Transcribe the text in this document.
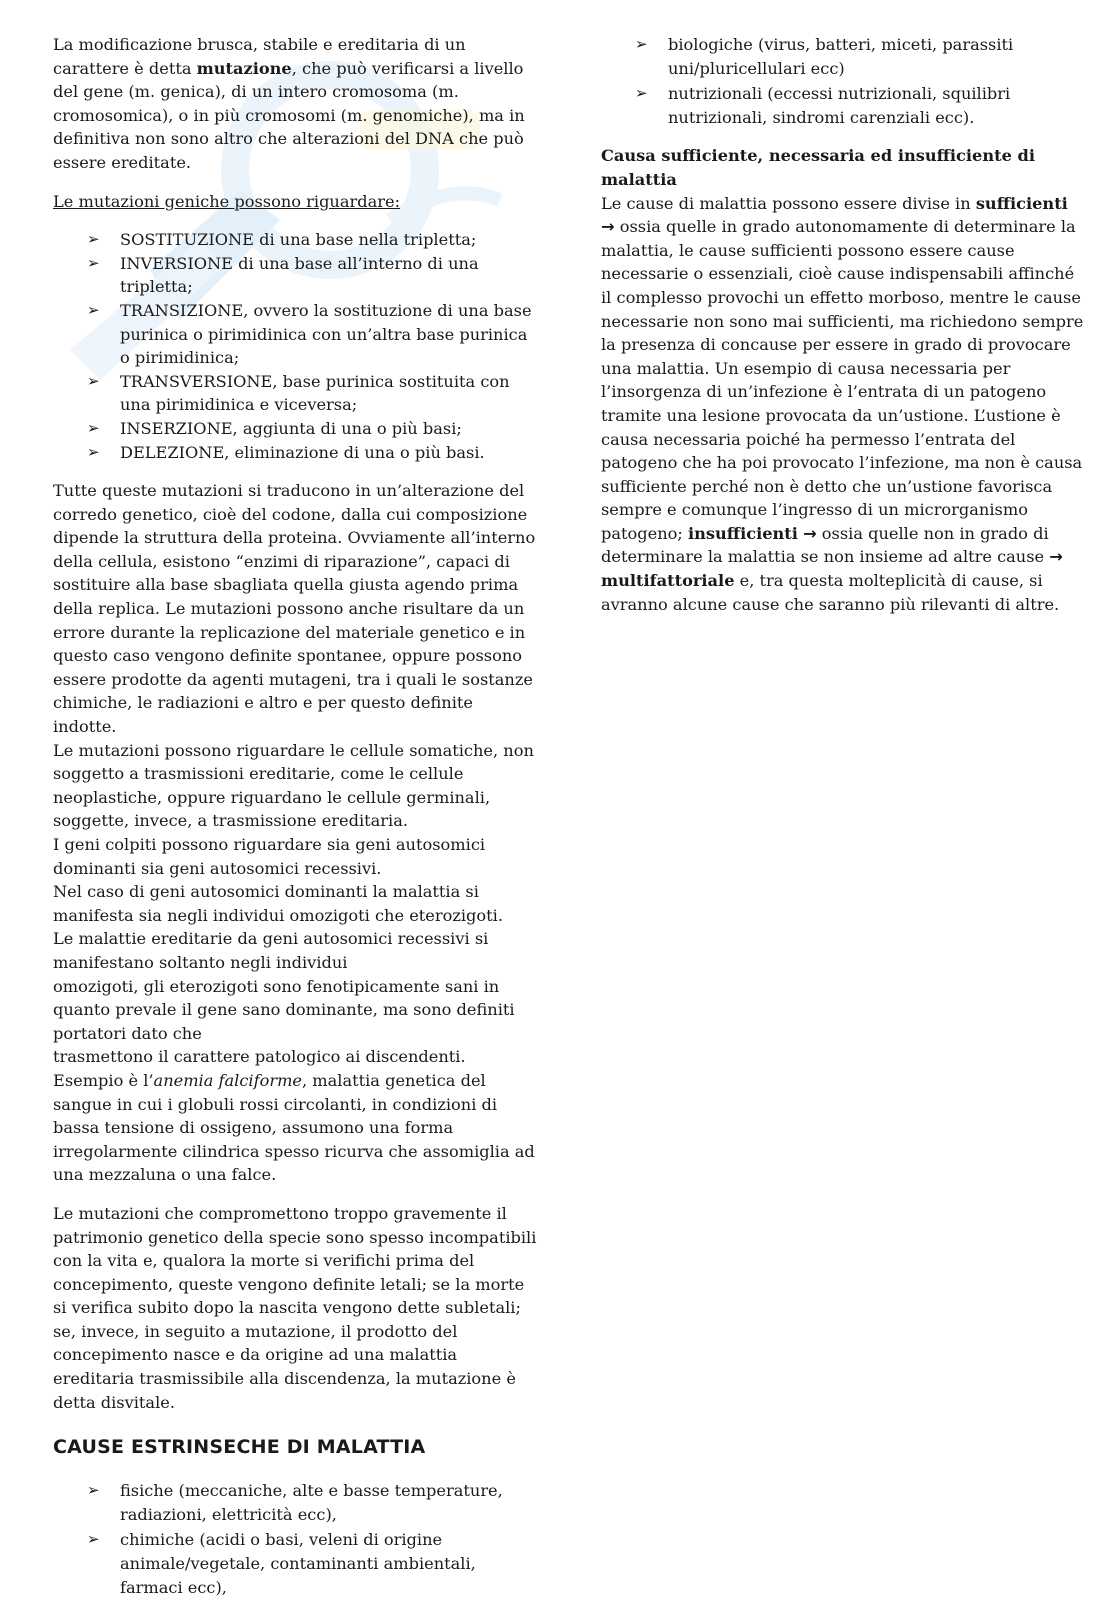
La modificazione brusca, stabile e ereditaria di un carattere è detta mutazione, che può verificarsi a livello del gene (m. genica), di un intero cromosoma (m. cromosomica), o in più cromosomi (m. genomiche), ma in definitiva non sono altro che alterazioni del DNA che può essere ereditate.

Le mutazioni geniche possono riguardare:

➢ SOSTITUZIONE di una base nella tripletta;
➢ INVERSIONE di una base all’interno di una tripletta;
➢ TRANSIZIONE, ovvero la sostituzione di una base purinica o pirimidinica con un’altra base purinica o pirimidinica;
➢ TRANSVERSIONE, base purinica sostituita con una pirimidinica e viceversa;
➢ INSERZIONE, aggiunta di una o più basi;
➢ DELEZIONE, eliminazione di una o più basi.

Tutte queste mutazioni si traducono in un’alterazione del corredo genetico, cioè del codone, dalla cui composizione dipende la struttura della proteina. Ovviamente all’interno della cellula, esistono “enzimi di riparazione”, capaci di sostituire alla base sbagliata quella giusta agendo prima della replica. Le mutazioni possono anche risultare da un errore durante la replicazione del materiale genetico e in questo caso vengono definite spontanee, oppure possono essere prodotte da agenti mutageni, tra i quali le sostanze chimiche, le radiazioni e altro e per questo definite indotte.

Le mutazioni possono riguardare le cellule somatiche, non soggetto a trasmissioni ereditarie, come le cellule neoplastiche, oppure riguardano le cellule germinali, soggette, invece, a trasmissione ereditaria.

I geni colpiti possono riguardare sia geni autosomici dominanti sia geni autosomici recessivi.

Nel caso di geni autosomici dominanti la malattia si manifesta sia negli individui omozigoti che eterozigoti.

Le malattie ereditarie da geni autosomici recessivi si manifestano soltanto negli individui

omozigoti, gli eterozigoti sono fenotipicamente sani in quanto prevale il gene sano dominante, ma sono definiti portatori dato che

trasmettono il carattere patologico ai discendenti.

Esempio è l’anemia falciforme, malattia genetica del sangue in cui i globuli rossi circolanti, in condizioni di bassa tensione di ossigeno, assumono una forma irregolarmente cilindrica spesso ricurva che assomiglia ad una mezzaluna o una falce.

Le mutazioni che compromettono troppo gravemente il patrimonio genetico della specie sono spesso incompatibili con la vita e, qualora la morte si verifichi prima del concepimento, queste vengono definite letali; se la morte si verifica subito dopo la nascita vengono dette subletali; se, invece, in seguito a mutazione, il prodotto del concepimento nasce e da origine ad una malattia ereditaria trasmissibile alla discendenza, la mutazione è detta disvitale.

CAUSE ESTRINSECHE DI MALATTIA
➢ fisiche (meccaniche, alte e basse temperature, radiazioni, elettricità ecc),
➢ chimiche (acidi o basi, veleni di origine animale/vegetale, contaminanti ambientali, farmaci ecc),
➢ biologiche (virus, batteri, miceti, parassiti uni/pluricellulari ecc)
➢ nutrizionali (eccessi nutrizionali, squilibri nutrizionali, sindromi carenziali ecc).

Causa sufficiente, necessaria ed insufficiente di malattia

Le cause di malattia possono essere divise in sufficienti → ossia quelle in grado autonomamente di determinare la malattia, le cause sufficienti possono essere cause necessarie o essenziali, cioè cause indispensabili affinché il complesso provochi un effetto morboso, mentre le cause necessarie non sono mai sufficienti, ma richiedono sempre la presenza di concause per essere in grado di provocare una malattia. Un esempio di causa necessaria per l’insorgenza di un’infezione è l’entrata di un patogeno tramite una lesione provocata da un’ustione. L’ustione è causa necessaria poiché ha permesso l’entrata del patogeno che ha poi provocato l’infezione, ma non è causa sufficiente perché non è detto che un’ustione favorisca sempre e comunque l’ingresso di un microrganismo patogeno; insufficienti → ossia quelle non in grado di determinare la malattia se non insieme ad altre cause → multifattoriale e, tra questa molteplicità di cause, si avranno alcune cause che saranno più rilevanti di altre.
